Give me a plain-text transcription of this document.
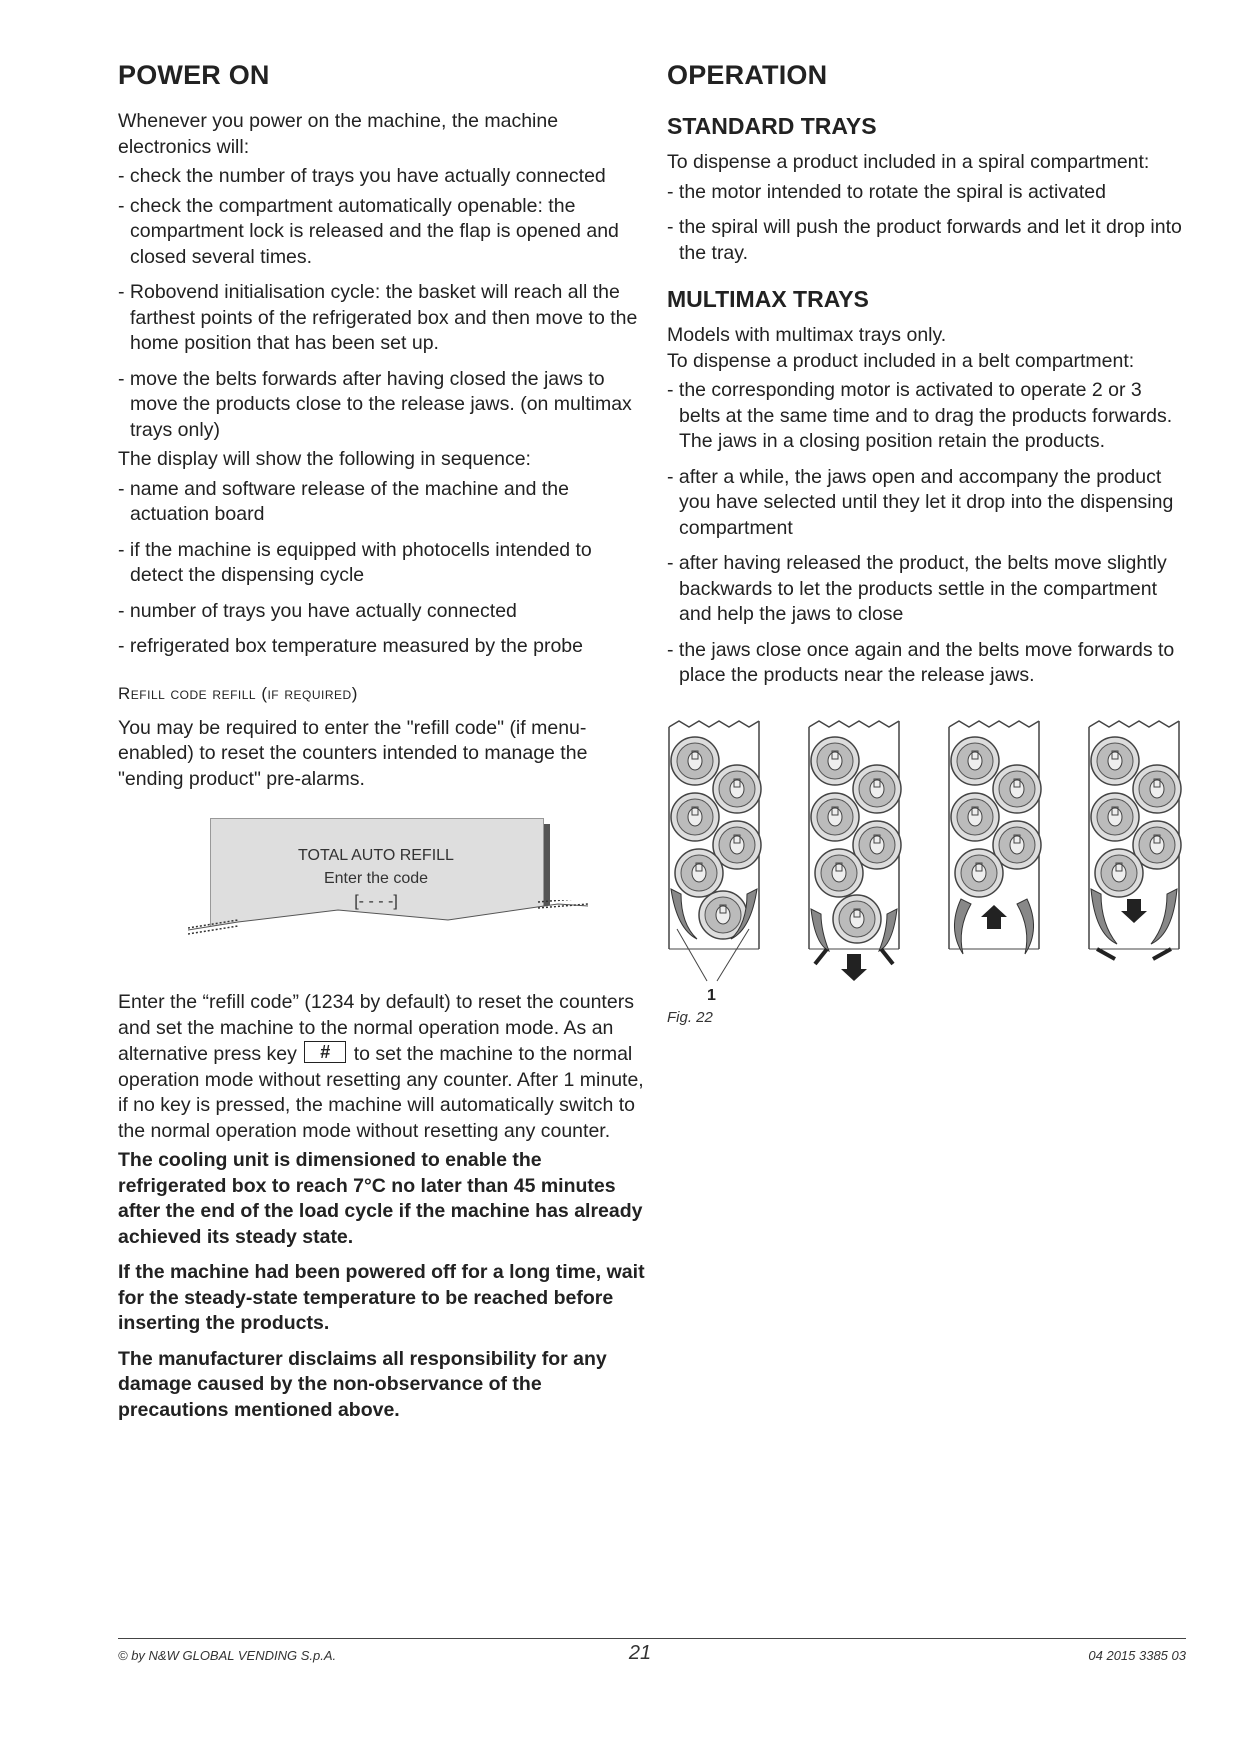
POWER ON

Whenever you power on the machine, the machine electronics will:

- check the number of trays you have actually connected

- check the compartment automatically openable: the compartment lock is released and the flap is opened and closed several times.

- Robovend initialisation cycle: the basket will reach all the farthest points of the refrigerated box and then move to the home position that has been set up.

- move the belts forwards after having closed the jaws to move the products close to the release jaws. (on multimax trays only)

The display will show the following in sequence:

- name and software release of the machine and the actuation board

- if the machine is equipped with photocells intended to detect the dispensing cycle

- number of trays you have actually connected

- refrigerated box temperature measured by the probe

Refill code refill (if required)

You may be required to enter the "refill code" (if menu-enabled) to reset the counters intended to manage the "ending product" pre-alarms.

TOTAL AUTO REFILL
Enter the code
[- - - -]

Enter the “refill code” (1234 by default) to reset the counters and set the machine to the normal operation mode. As an alternative press key # to set the machine to the normal operation mode without resetting any counter. After 1 minute, if no key is pressed, the machine will automatically switch to the normal operation mode without resetting any counter.

The cooling unit is dimensioned to enable the refrigerated box to reach 7°C no later than 45 minutes after the end of the load cycle if the machine has already achieved its steady state.

If the machine had been powered off for a long time, wait for the steady-state temperature to be reached before inserting the products.

The manufacturer disclaims all responsibility for any damage caused by the non-observance of the precautions mentioned above.

OPERATION
STANDARD TRAYS

To dispense a product included in a spiral compartment:

- the motor intended to rotate the spiral is activated

- the spiral will push the product forwards and let it drop into the tray.

MULTIMAX TRAYS

Models with multimax trays only.

To dispense a product included in a belt compartment:

- the corresponding motor is activated to operate 2 or 3 belts at the same time and to drag the products forwards.

The jaws in a closing position retain the products.

- after a while, the jaws open and accompany the product you have selected until they let it drop into the dispensing compartment

- after having released the product, the belts move slightly backwards to let the products settle in the compartment and help the jaws to close

- the jaws close once again and the belts move forwards to place the products near the release jaws.

1
Fig. 22
© by N&W GLOBAL VENDING S.p.A.	21	04 2015 3385 03
